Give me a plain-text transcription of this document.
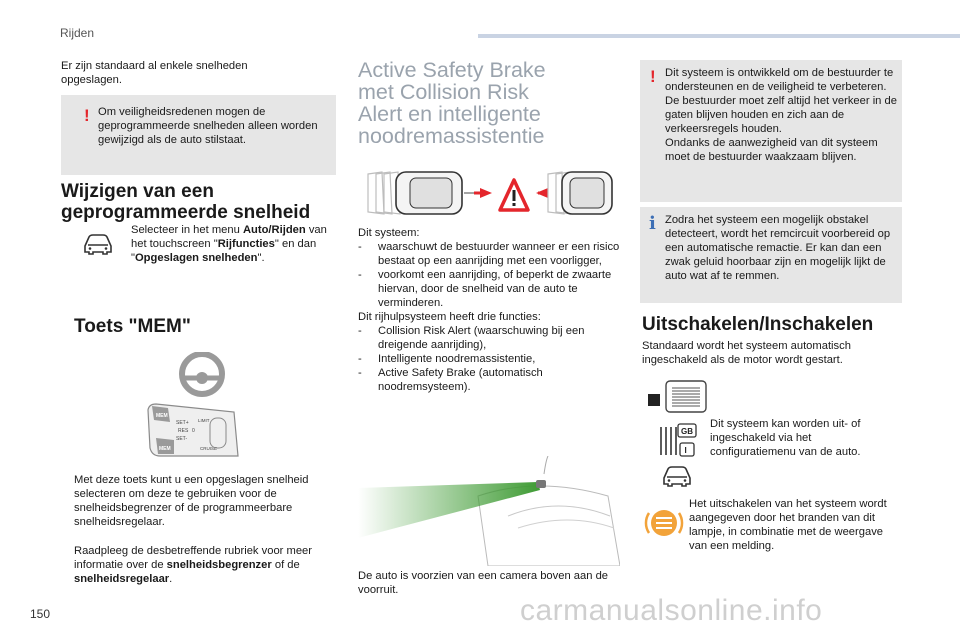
Rijden
Er zijn standaard al enkele snelheden opgeslagen.
! Om veiligheidsredenen mogen de geprogrammeerde snelheden alleen worden gewijzigd als de auto stilstaat.
Wijzigen van een geprogrammeerde snelheid
Selecteer in het menu Auto/Rijden van het touchscreen "Rijfuncties" en dan "Opgeslagen snelheden".
Toets "MEM"
MEM
MEM
SET+
SET-
RES
LIMIT
CRUISE
0
Met deze toets kunt u een opgeslagen snelheid selecteren om deze te gebruiken voor de snelheidsbegrenzer of de programmeerbare snelheidsregelaar.
Raadpleeg de desbetreffende rubriek voor meer informatie over de snelheidsbegrenzer of de snelheidsregelaar.
Active Safety Brake
met Collision Risk
Alert en intelligente
noodremassistentie
Dit systeem:
- waarschuwt de bestuurder wanneer er een risico bestaat op een aanrijding met een voorligger,
- voorkomt een aanrijding, of beperkt de zwaarte hiervan, door de snelheid van de auto te verminderen.
Dit rijhulpsysteem heeft drie functies:
- Collision Risk Alert (waarschuwing bij een dreigende aanrijding),
- Intelligente noodremassistentie,
- Active Safety Brake (automatisch noodremsysteem).
De auto is voorzien van een camera boven aan de voorruit.
! Dit systeem is ontwikkeld om de bestuurder te ondersteunen en de veiligheid te verbeteren.
De bestuurder moet zelf altijd het verkeer in de gaten blijven houden en zich aan de verkeersregels houden.
Ondanks de aanwezigheid van dit systeem moet de bestuurder waakzaam blijven.
i Zodra het systeem een mogelijk obstakel detecteert, wordt het remcircuit voorbereid op een automatische remactie. Er kan dan een zwak geluid hoorbaar zijn en mogelijk lijkt de auto wat af te remmen.
Uitschakelen/Inschakelen
Standaard wordt het systeem automatisch ingeschakeld als de motor wordt gestart.
GB
I
Dit systeem kan worden uit- of ingeschakeld via het configuratiemenu van de auto.
Het uitschakelen van het systeem wordt aangegeven door het branden van dit lampje, in combinatie met de weergave van een melding.
150	carmanualsonline.info
